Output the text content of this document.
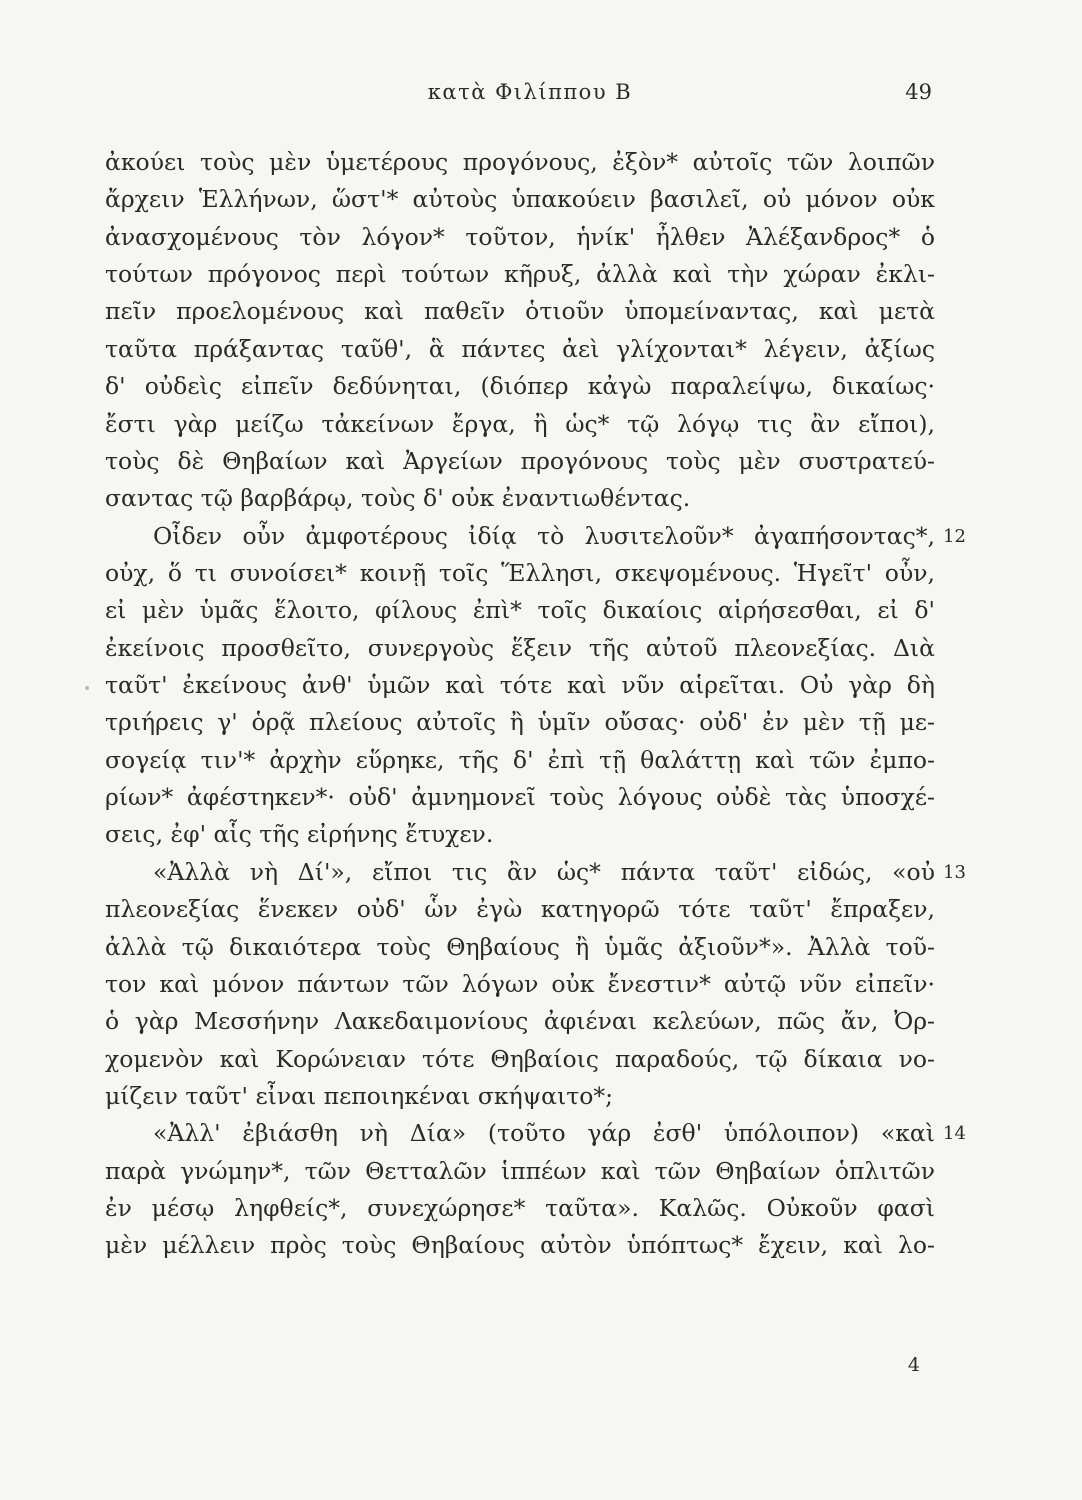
κατὰ Φιλίππου Β	49
ἀκούει τοὺς μὲν ὑμετέρους προγόνους, ἐξὸν* αὐτοῖς τῶν λοιπῶν
ἄρχειν Ἑλλήνων, ὥστ'* αὐτοὺς ὑπακούειν βασιλεῖ, οὐ μόνον οὐκ
ἀνασχομένους τὸν λόγον* τοῦτον, ἡνίκ' ἦλθεν Ἀλέξανδρος* ὁ
τούτων πρόγονος περὶ τούτων κῆρυξ, ἀλλὰ καὶ τὴν χώραν ἐκλι-
πεῖν προελομένους καὶ παθεῖν ὁτιοῦν ὑπομείναντας, καὶ μετὰ
ταῦτα πράξαντας ταῦθ', ἃ πάντες ἀεὶ γλίχονται* λέγειν, ἀξίως
δ' οὐδεὶς εἰπεῖν δεδύνηται, (διόπερ κἀγὼ παραλείψω, δικαίως·
ἔστι γὰρ μείζω τἀκείνων ἔργα, ἢ ὡς* τῷ λόγῳ τις ἂν εἴποι),
τοὺς δὲ Θηβαίων καὶ Ἀργείων προγόνους τοὺς μὲν συστρατεύ-
σαντας τῷ βαρβάρῳ, τοὺς δ' οὐκ ἐναντιωθέντας.
Οἶδεν οὖν ἀμφοτέρους ἰδίᾳ τὸ λυσιτελοῦν* ἀγαπήσοντας*, 12
οὐχ, ὅ τι συνοίσει* κοινῇ τοῖς Ἕλλησι, σκεψομένους. Ἡγεῖτ' οὖν,
εἰ μὲν ὑμᾶς ἕλοιτο, φίλους ἐπὶ* τοῖς δικαίοις αἱρήσεσθαι, εἰ δ'
ἐκείνοις προσθεῖτο, συνεργοὺς ἕξειν τῆς αὐτοῦ πλεονεξίας. Διὰ
ταῦτ' ἐκείνους ἀνθ' ὑμῶν καὶ τότε καὶ νῦν αἱρεῖται. Οὐ γὰρ δὴ
τριήρεις γ' ὁρᾷ πλείους αὐτοῖς ἢ ὑμῖν οὔσας· οὐδ' ἐν μὲν τῇ με-
σογείᾳ τιν'* ἀρχὴν εὕρηκε, τῆς δ' ἐπὶ τῇ θαλάττῃ καὶ τῶν ἐμπο-
ρίων* ἀφέστηκεν*· οὐδ' ἀμνημονεῖ τοὺς λόγους οὐδὲ τὰς ὑποσχέ-
σεις, ἐφ' αἷς τῆς εἰρήνης ἔτυχεν.
«Ἀλλὰ νὴ Δί'», εἴποι τις ἂν ὡς* πάντα ταῦτ' εἰδώς, «οὐ 13
πλεονεξίας ἕνεκεν οὐδ' ὧν ἐγὼ κατηγορῶ τότε ταῦτ' ἔπραξεν,
ἀλλὰ τῷ δικαιότερα τοὺς Θηβαίους ἢ ὑμᾶς ἀξιοῦν*». Ἀλλὰ τοῦ-
τον καὶ μόνον πάντων τῶν λόγων οὐκ ἔνεστιν* αὐτῷ νῦν εἰπεῖν·
ὁ γὰρ Μεσσήνην Λακεδαιμονίους ἀφιέναι κελεύων, πῶς ἄν, Ὀρ-
χομενὸν καὶ Κορώνειαν τότε Θηβαίοις παραδούς, τῷ δίκαια νο-
μίζειν ταῦτ' εἶναι πεποιηκέναι σκήψαιτο*;
«Ἀλλ' ἐβιάσθη νὴ Δία» (τοῦτο γάρ ἐσθ' ὑπόλοιπον) «καὶ 14
παρὰ γνώμην*, τῶν Θετταλῶν ἱππέων καὶ τῶν Θηβαίων ὁπλιτῶν
ἐν μέσῳ ληφθείς*, συνεχώρησε* ταῦτα». Καλῶς. Οὐκοῦν φασὶ
μὲν μέλλειν πρὸς τοὺς Θηβαίους αὐτὸν ὑπόπτως* ἔχειν, καὶ λο-
4
